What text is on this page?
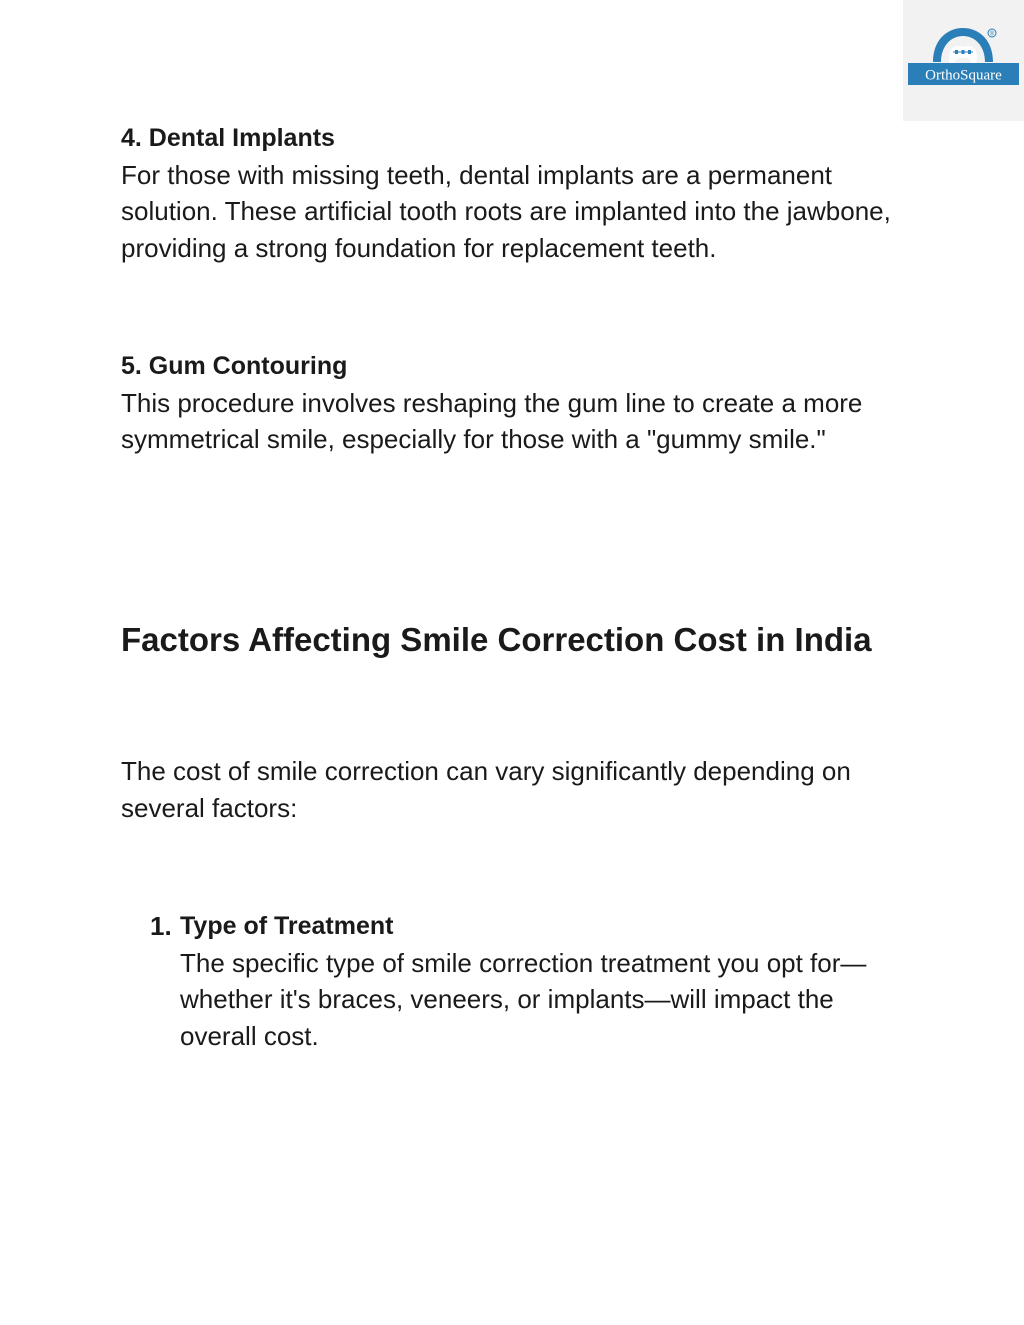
®
OrthoSquare
4. Dental Implants
For those with missing teeth, dental implants are a permanent solution. These artificial tooth roots are implanted into the jawbone, providing a strong foundation for replacement teeth.
5. Gum Contouring
This procedure involves reshaping the gum line to create a more symmetrical smile, especially for those with a "gummy smile."
Factors Affecting Smile Correction Cost in India
The cost of smile correction can vary significantly depending on several factors:
1. Type of Treatment
The specific type of smile correction treatment you opt for—whether it's braces, veneers, or implants—will impact the overall cost.
